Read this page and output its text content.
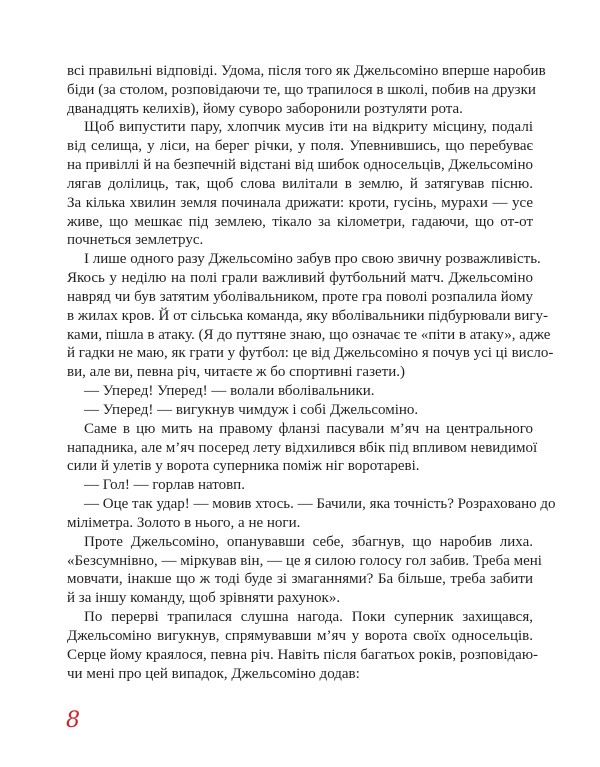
всі правильні відповіді. Удома, після того як Джельсоміно вперше наробив
біди (за столом, розповідаючи те, що трапилося в школі, побив на друзки
дванадцять келихів), йому суворо заборонили розтуляти рота.
Щоб випустити пару, хлопчик мусив іти на відкриту місцину, подалі
від селища, у ліси, на берег річки, у поля. Упевнившись, що перебуває
на привіллі й на безпечній відстані від шибок односельців, Джельсоміно
лягав долілиць, так, щоб слова вилітали в землю, й затягував пісню.
За кілька хвилин земля починала дрижати: кроти, гусінь, мурахи — усе
живе, що мешкає під землею, тікало за кілометри, гадаючи, що от-от
почнеться землетрус.
І лише одного разу Джельсоміно забув про свою звичну розважливість.
Якось у неділю на полі грали важливий футбольний матч. Джельсоміно
навряд чи був затятим уболівальником, проте гра поволі розпалила йому
в жилах кров. Й от сільська команда, яку вболівальники підбурювали вигу-
ками, пішла в атаку. (Я до путтяне знаю, що означає те «піти в атаку», адже
й гадки не маю, як грати у футбол: це від Джельсоміно я почув усі ці вислo-
ви, але ви, певна річ, читаєте ж бо спортивні газети.)
— Уперед! Уперед! — волали вболівальники.
— Уперед! — вигукнув чимдуж і собі Джельсоміно.
Саме в цю мить на правому фланзі пасували м’яч на центрального
нападника, але м’яч посеред лету відхилився вбік під впливом невидимої
сили й улетів у ворота суперника поміж ніг воротареві.
— Гол! — горлав натовп.
— Оце так удар! — мовив хтось. — Бачили, яка точність? Розраховано до
міліметра. Золото в нього, а не ноги.
Проте Джельсоміно, опанувавши себе, збагнув, що наробив лиха.
«Безсумнівно, — міркував він, — це я силою голосу гол забив. Треба мені
мовчати, інакше що ж тоді буде зі змаганнями? Ба більше, треба забити
й за іншу команду, щоб зрівняти рахунок».
По перерві трапилася слушна нагода. Поки суперник захищався,
Джельсоміно вигукнув, спрямувавши м’яч у ворота своїх односельців.
Серце йому краялося, певна річ. Навіть після багатьох років, розповідаю-
чи мені про цей випадок, Джельсоміно додав:
8
